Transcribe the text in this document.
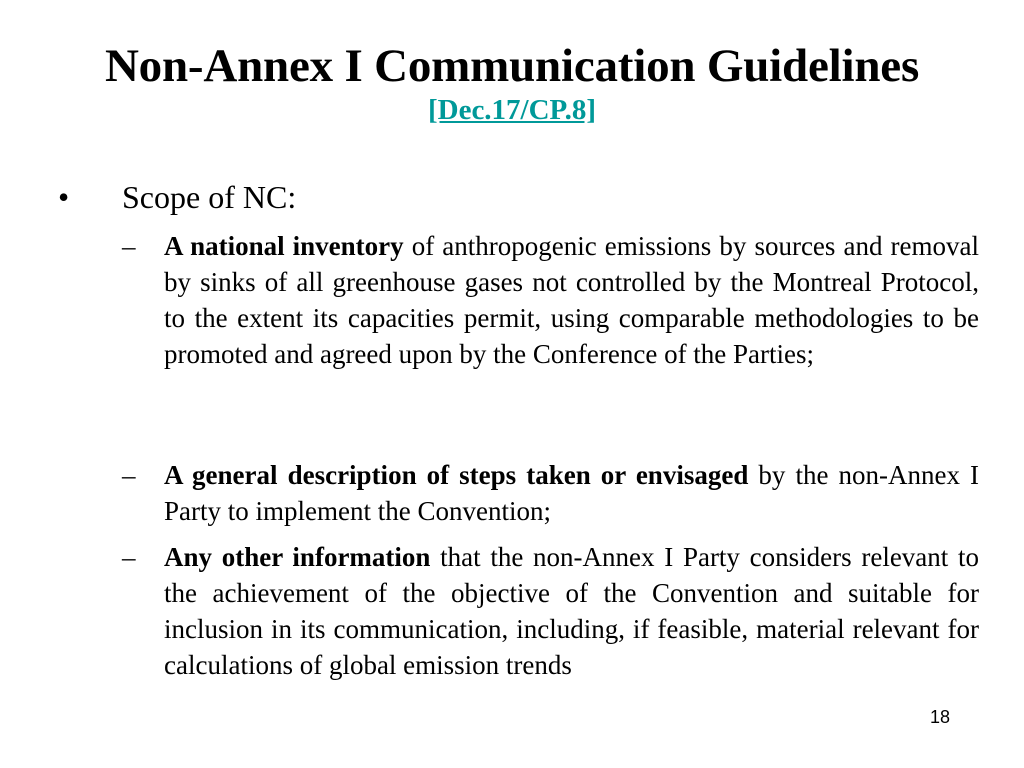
Non-Annex I Communication Guidelines
[Dec.17/CP.8]
• Scope of NC:
– A national inventory of anthropogenic emissions by sources and removal by sinks of all greenhouse gases not controlled by the Montreal Protocol, to the extent its capacities permit, using comparable methodologies to be promoted and agreed upon by the Conference of the Parties;
– A general description of steps taken or envisaged by the non-Annex I Party to implement the Convention;
– Any other information that the non-Annex I Party considers relevant to the achievement of the objective of the Convention and suitable for inclusion in its communication, including, if feasible, material relevant for calculations of global emission trends
18
